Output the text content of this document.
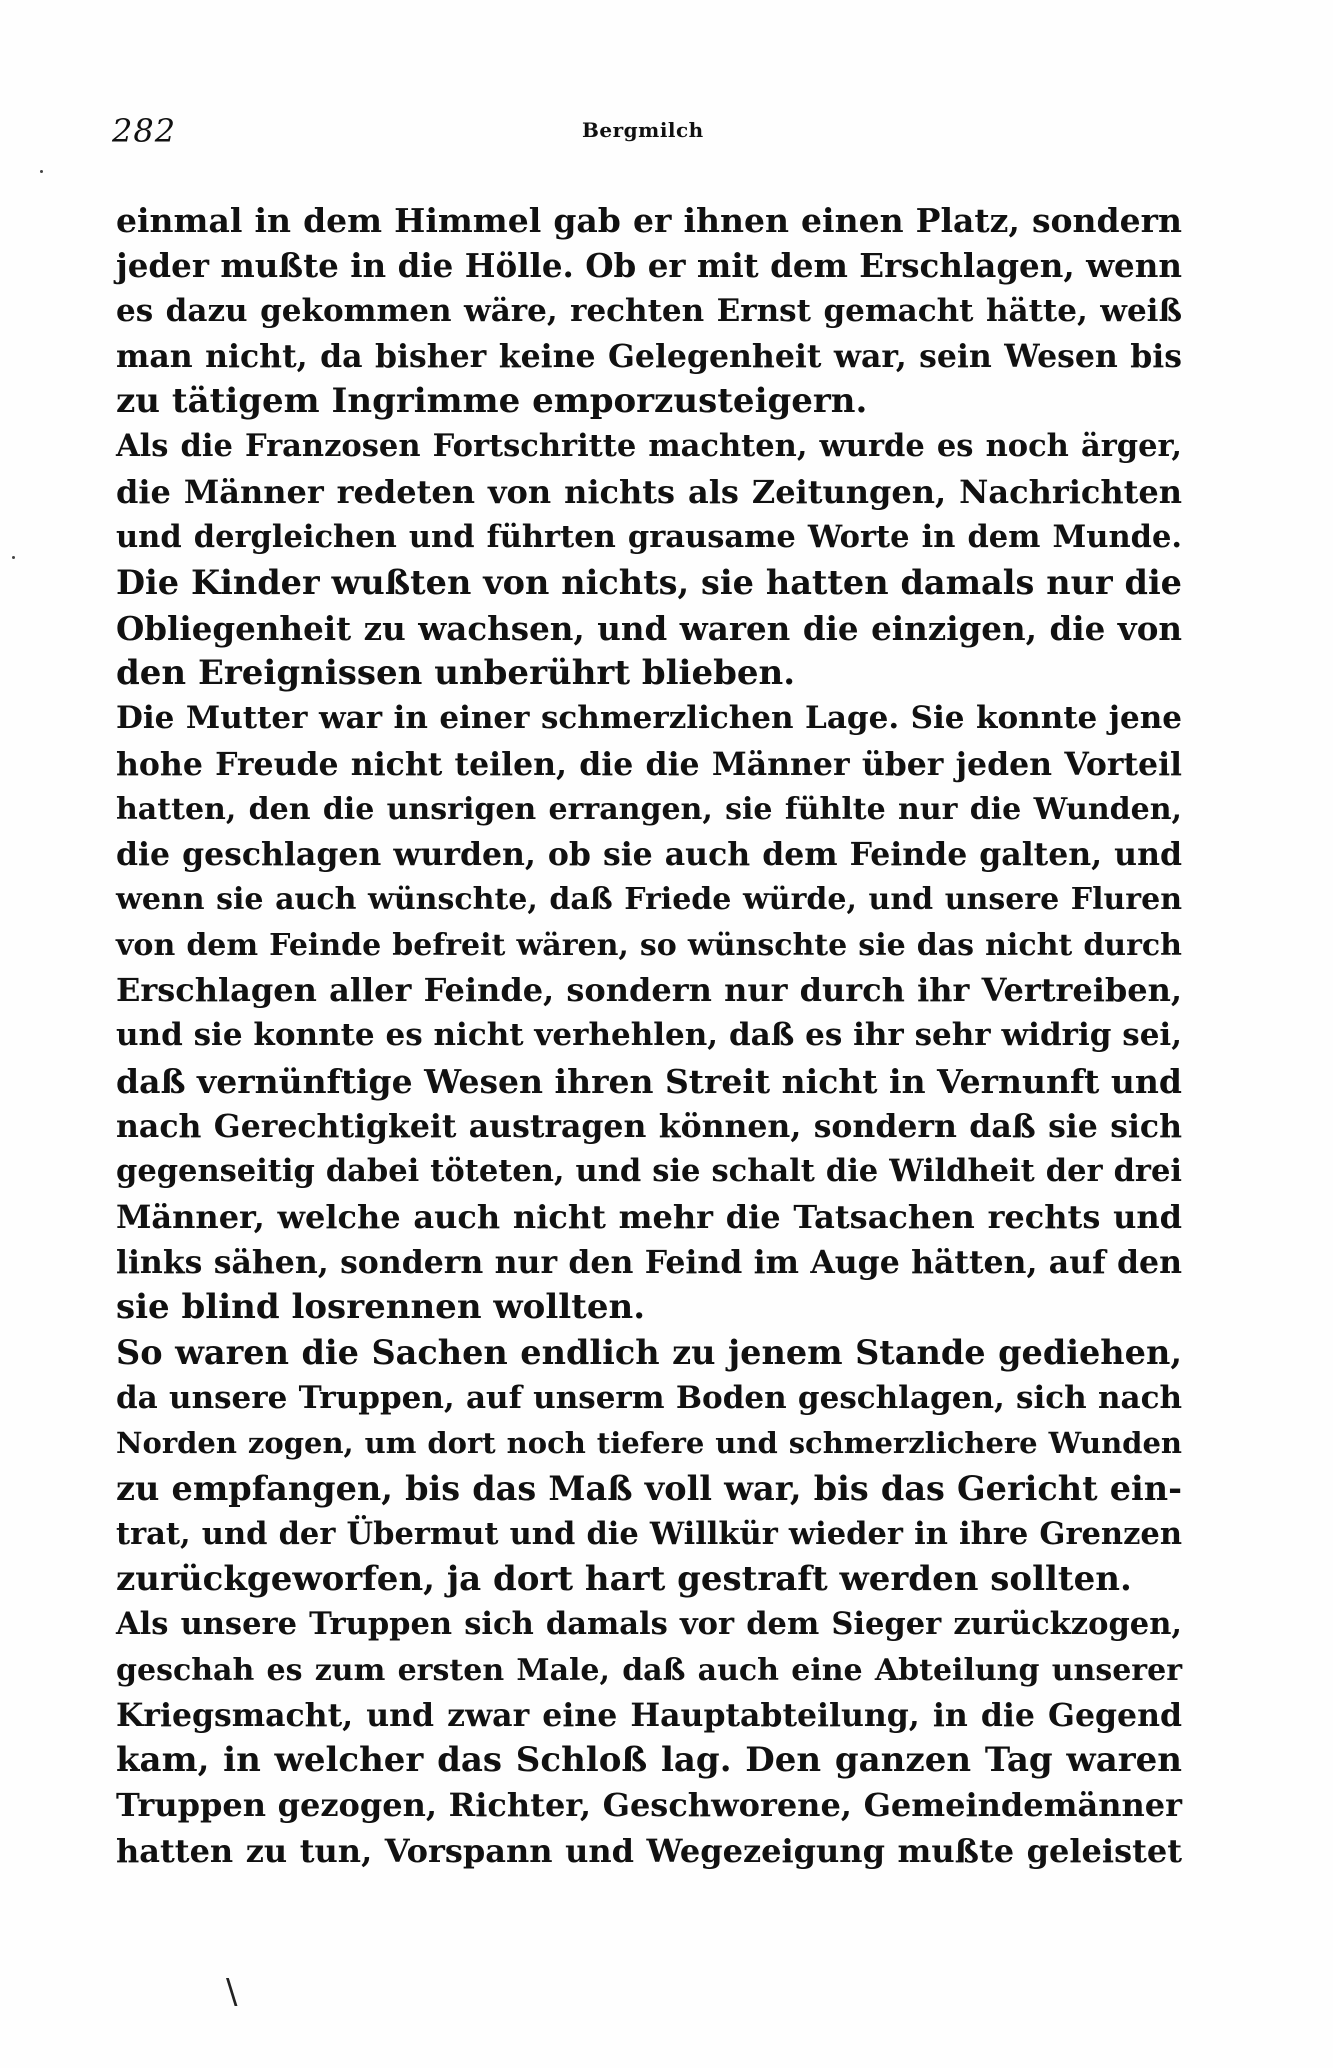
282	Bergmilch
einmal in dem Himmel gab er ihnen einen Platz, sondern
jeder mußte in die Hölle. Ob er mit dem Erschlagen, wenn
es dazu gekommen wäre, rechten Ernst gemacht hätte, weiß
man nicht, da bisher keine Gelegenheit war, sein Wesen bis
zu tätigem Ingrimme emporzusteigern.
Als die Franzosen Fortschritte machten, wurde es noch ärger,
die Männer redeten von nichts als Zeitungen, Nachrichten
und dergleichen und führten grausame Worte in dem Munde.
Die Kinder wußten von nichts, sie hatten damals nur die
Obliegenheit zu wachsen, und waren die einzigen, die von
den Ereignissen unberührt blieben.
Die Mutter war in einer schmerzlichen Lage. Sie konnte jene
hohe Freude nicht teilen, die die Männer über jeden Vorteil
hatten, den die unsrigen errangen, sie fühlte nur die Wunden,
die geschlagen wurden, ob sie auch dem Feinde galten, und
wenn sie auch wünschte, daß Friede würde, und unsere Fluren
von dem Feinde befreit wären, so wünschte sie das nicht durch
Erschlagen aller Feinde, sondern nur durch ihr Vertreiben,
und sie konnte es nicht verhehlen, daß es ihr sehr widrig sei,
daß vernünftige Wesen ihren Streit nicht in Vernunft und
nach Gerechtigkeit austragen können, sondern daß sie sich
gegenseitig dabei töteten, und sie schalt die Wildheit der drei
Männer, welche auch nicht mehr die Tatsachen rechts und
links sähen, sondern nur den Feind im Auge hätten, auf den
sie blind losrennen wollten.
So waren die Sachen endlich zu jenem Stande gediehen,
da unsere Truppen, auf unserm Boden geschlagen, sich nach
Norden zogen, um dort noch tiefere und schmerzlichere Wunden
zu empfangen, bis das Maß voll war, bis das Gericht ein-
trat, und der Übermut und die Willkür wieder in ihre Grenzen
zurückgeworfen, ja dort hart gestraft werden sollten.
Als unsere Truppen sich damals vor dem Sieger zurückzogen,
geschah es zum ersten Male, daß auch eine Abteilung unserer
Kriegsmacht, und zwar eine Hauptabteilung, in die Gegend
kam, in welcher das Schloß lag. Den ganzen Tag waren
Truppen gezogen, Richter, Geschworene, Gemeindemänner
hatten zu tun, Vorspann und Wegezeigung mußte geleistet
\
